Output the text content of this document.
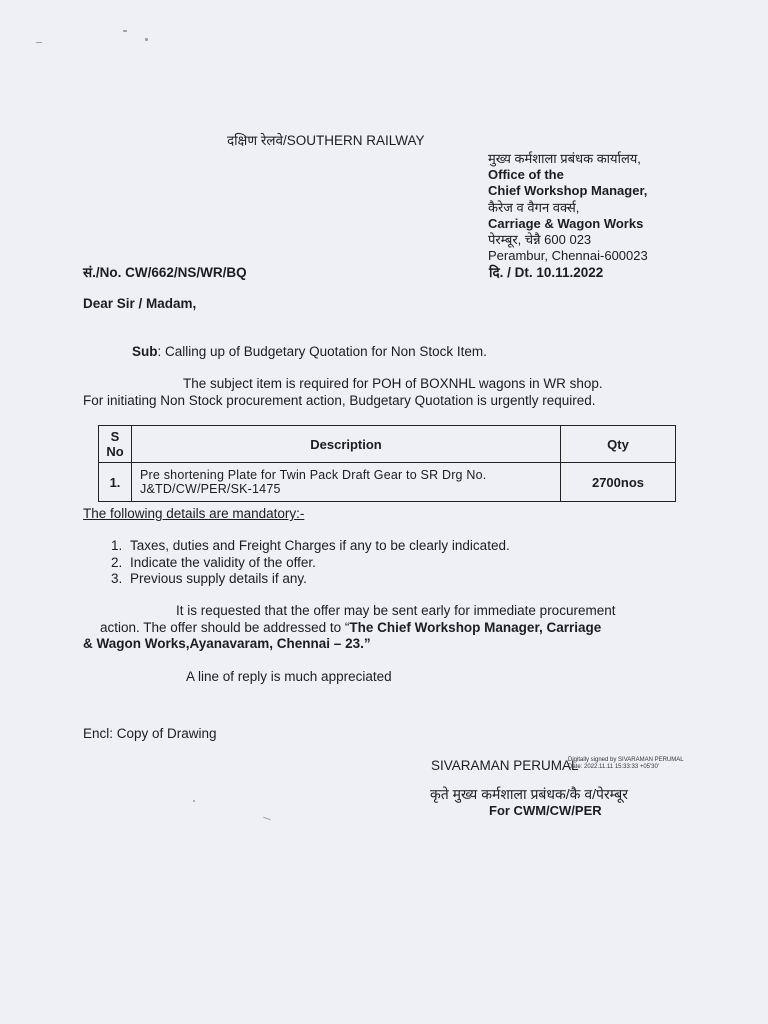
दक्षिण रेलवे/SOUTHERN RAILWAY
मुख्य कर्मशाला प्रबंधक कार्यालय,
Office of the
Chief Workshop Manager,
कैरेज व वैगन वर्क्स,
Carriage & Wagon Works
पेरम्बूर, चेन्नै 600 023
Perambur, Chennai-600023
सं./No. CW/662/NS/WR/BQ	दि. / Dt. 10.11.2022
Dear Sir / Madam,
Sub: Calling up of Budgetary Quotation for Non Stock Item.
The subject item is required for POH of BOXNHL wagons in WR shop.
For initiating Non Stock procurement action, Budgetary Quotation is urgently required.
S
No	Description	Qty
1.	Pre shortening Plate for Twin Pack Draft Gear to SR Drg No.
J&TD/CW/PER/SK-1475	2700nos
The following details are mandatory:-
1. Taxes, duties and Freight Charges if any to be clearly indicated.
2. Indicate the validity of the offer.
3. Previous supply details if any.
It is requested that the offer may be sent early for immediate procurement
action. The offer should be addressed to “The Chief Workshop Manager, Carriage
& Wagon Works,Ayanavaram, Chennai – 23.”
A line of reply is much appreciated
Encl: Copy of Drawing
SIVARAMAN PERUMAL
Digitally signed by SIVARAMAN PERUMAL
Date: 2022.11.11 15:33:33 +05'30'
कृते मुख्य कर्मशाला प्रबंधक/कै व/पेरम्बूर
For CWM/CW/PER
